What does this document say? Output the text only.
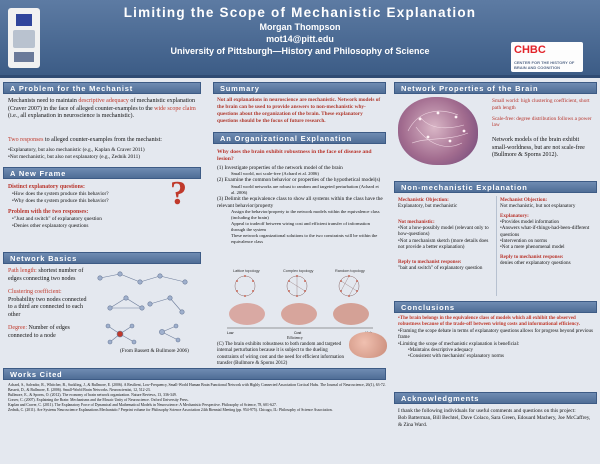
Limiting the Scope of Mechanistic Explanation
Morgan Thompson
mot14@pitt.edu
University of Pittsburgh—History and Philosophy of Science	CHBC
CENTER FOR THE HISTORY OF BRAIN AND COGNITION
A Problem for the Mechanist
Mechanists need to maintain descriptive adequacy of mechanistic explanation (Craver 2007) in the face of alleged counter-examples to the wide scope claim (i.e., all explanation in neuroscience is mechanistic).
Two responses to alleged counter-examples from the mechanist:
•Explanatory, but also mechanistic (e.g., Kaplan & Craver 2011)
•Not mechanistic, but also not explanatory (e.g., Zednik 2011)
A New Frame
Distinct explanatory questions:
•How does the system produce this behavior?
•Why does the system produce this behavior?
Problem with the two responses:
•"Just and switch" of explanatory question
•Denies other explanatory questions
?
Network Basics
Path length: shortest number of edges connecting two nodes
Clustering coefficient: Probability two nodes connected to a third are connected to each other
Degree: Number of edges connected to a node
(From Bassett & Bullmore 2006)
Summary
Not all explanations in neuroscience are mechanistic. Network models of the brain can be used to provide answers to non-mechanistic why-questions about the organization of the brain. These explanatory questions should be the focus of future research.
An Organizational Explanation
Why does the brain exhibit robustness in the face of disease and lesion?
(1) Investigate properties of the network model of the brain
Small world, not scale-free (Achard et al. 2006)
(2) Examine the common behavior or properties of the hypothetical model(s)
Small world networks are robust to random and targeted perturbation (Achard et al. 2006)
(3) Delimit the equivalence class to show all systems within the class have the relevant behavior/property
Assign the behavior/property to the network models within the equivalence class (including the brain)
Appeal to tradeoff between wiring cost and efficient transfer of information through the system
These network organizational solutions to the two constraints will be within the equivalence class
Lattice topology	Complex topology	Random topology
Low	Cost
Efficiency
(C) The brain exhibits robustness to both random and targeted internal perturbation because it is subject to the dueling constraints of wiring cost and the need for efficient information transfer (Bullmore & Sporns 2012)
Network Properties of the Brain
Small world: high clustering coefficient, short path length
Scale-free: degree distribution follows a power law
Network models of the brain exhibit small-worldness, but are not scale-free (Bullmore & Sporns 2012).
Non-mechanistic Explanation
Mechanistic Objection:
Explanatory, but mechanistic
Not mechanistic:
•Not a how-possibly model (relevant only to how-questions)
•Not a mechanism sketch (more details does not provide a better explanation)
Reply to mechanist response:
"bait and switch" of explanatory question
Mechanist Objection:
Not mechanistic, but not explanatory
Explanatory:
•Provides model information
•Answers what-if-things-had-been-different questions
•Intervention on norms
•Not a mere phenomenal model
Reply to mechanist response:
denies other explanatory questions
Conclusions
•The brain belongs in the equivalence class of models which all exhibit the observed robustness because of the trade-off between wiring costs and informational efficiency.
•Framing the scope debate in terms of explanatory questions allows for progress beyond previous frame
•Limiting the scope of mechanistic explanation is beneficial:
•Maintains descriptive adequacy
•Consistent with mechanists' explanatory norms
Acknowledgments
I thank the following individuals for useful comments and questions on this project:
Bob Batterman, Bill Bechtel, Dave Colaco, Sara Green, Edouard Machery, Joe McCaffrey, & Zina Ward.
Works Cited
Achard, S., Salvador, R., Whitcher, B., Suckling, J., & Bullmore, E. (2006). A Resilient, Low-Frequency, Small-World Human Brain Functional Network with Highly Connected Association Cortical Hubs. The Journal of Neuroscience, 26(1), 63-72.
Bassett, D., & Bullmore, E. (2006). Small-World Brain Networks. Neuroscientist, 12, 512-23.
Bullmore, E., & Sporns, O. (2012). The economy of brain network organization. Nature Reviews, 13, 336-349.
Craver, C. (2007). Explaining the Brain: Mechanisms and the Mosaic Unity of Neuroscience. Oxford University Press.
Kaplan and Craver, C. (2011). The Explanatory Force of Dynamical and Mathematical Models in Neuroscience: A Mechanistic Perspective. Philosophy of Science, 78, 601-627.
Zednik, C. (2011). Are Systems Neuroscience Explanations Mechanistic? Preprint volume for Philosophy Science Association 24th Biennial Meeting (pp. 954-975). Chicago, IL: Philosophy of Science Association.
